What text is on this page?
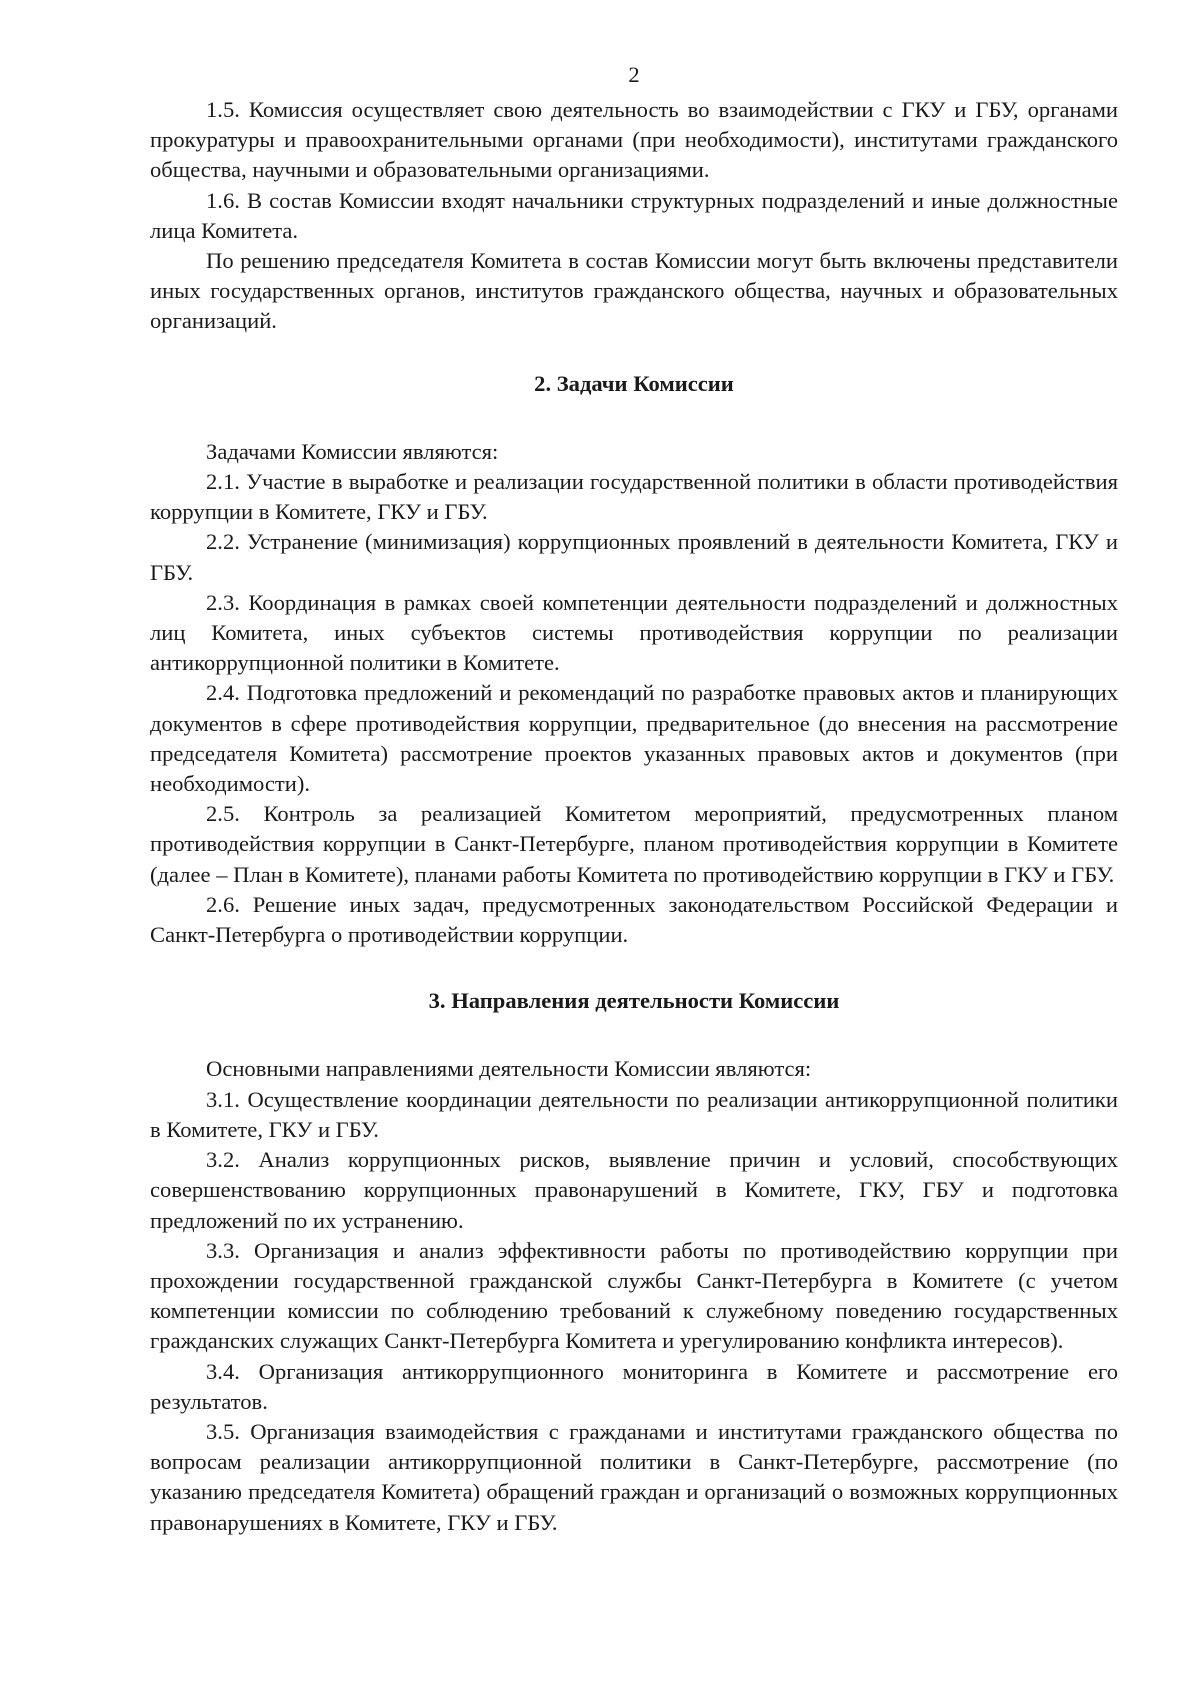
2

1.5. Комиссия осуществляет свою деятельность во взаимодействии с ГКУ и ГБУ, органами прокуратуры и правоохранительными органами (при необходимости), институтами гражданского общества, научными и образовательными организациями.

1.6. В состав Комиссии входят начальники структурных подразделений и иные должностные лица Комитета.

По решению председателя Комитета в состав Комиссии могут быть включены представители иных государственных органов, институтов гражданского общества, научных и образовательных организаций.

2. Задачи Комиссии

Задачами Комиссии являются:

2.1. Участие в выработке и реализации государственной политики в области противодействия коррупции в Комитете, ГКУ и ГБУ.

2.2. Устранение (минимизация) коррупционных проявлений в деятельности Комитета, ГКУ и ГБУ.

2.3. Координация в рамках своей компетенции деятельности подразделений и должностных лиц Комитета, иных субъектов системы противодействия коррупции по реализации антикоррупционной политики в Комитете.

2.4. Подготовка предложений и рекомендаций по разработке правовых актов и планирующих документов в сфере противодействия коррупции, предварительное (до внесения на рассмотрение председателя Комитета) рассмотрение проектов указанных правовых актов и документов (при необходимости).

2.5. Контроль за реализацией Комитетом мероприятий, предусмотренных планом противодействия коррупции в Санкт-Петербурге, планом противодействия коррупции в Комитете (далее – План в Комитете), планами работы Комитета по противодействию коррупции в ГКУ и ГБУ.

2.6. Решение иных задач, предусмотренных законодательством Российской Федерации и Санкт-Петербурга о противодействии коррупции.

3. Направления деятельности Комиссии

Основными направлениями деятельности Комиссии являются:

3.1. Осуществление координации деятельности по реализации антикоррупционной политики в Комитете, ГКУ и ГБУ.

3.2. Анализ коррупционных рисков, выявление причин и условий, способствующих совершенствованию коррупционных правонарушений в Комитете, ГКУ, ГБУ и подготовка предложений по их устранению.

3.3. Организация и анализ эффективности работы по противодействию коррупции при прохождении государственной гражданской службы Санкт-Петербурга в Комитете (с учетом компетенции комиссии по соблюдению требований к служебному поведению государственных гражданских служащих Санкт-Петербурга Комитета и урегулированию конфликта интересов).

3.4. Организация антикоррупционного мониторинга в Комитете и рассмотрение его результатов.

3.5. Организация взаимодействия с гражданами и институтами гражданского общества по вопросам реализации антикоррупционной политики в Санкт-Петербурге, рассмотрение (по указанию председателя Комитета) обращений граждан и организаций о возможных коррупционных правонарушениях в Комитете, ГКУ и ГБУ.
